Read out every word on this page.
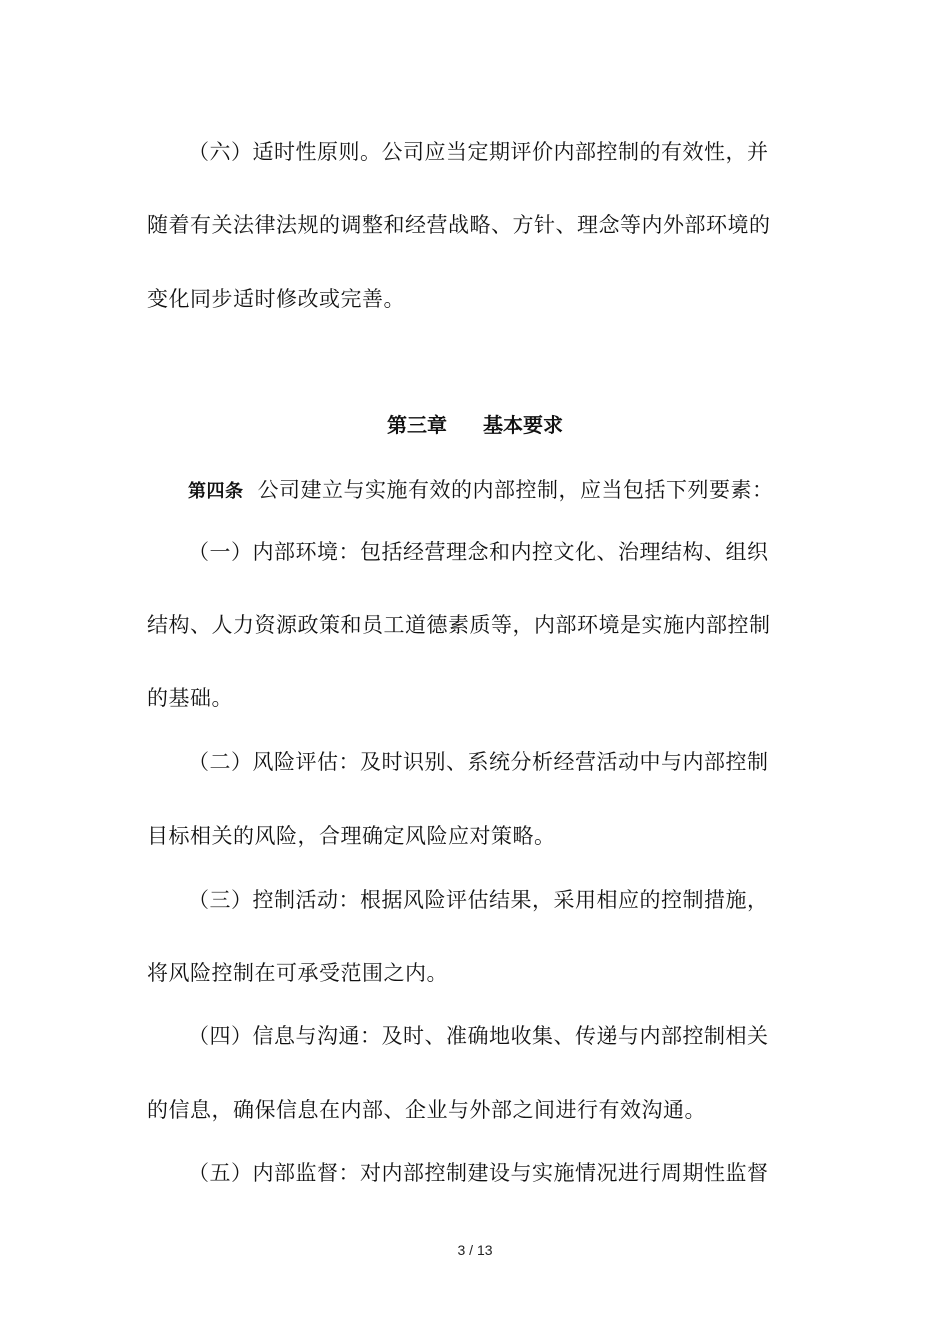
（六）适时性原则。公司应当定期评价内部控制的有效性，并
随着有关法律法规的调整和经营战略、方针、理念等内外部环境的
变化同步适时修改或完善。
第三章 基本要求
第四条 公司建立与实施有效的内部控制，应当包括下列要素：
（一）内部环境：包括经营理念和内控文化、治理结构、组织
结构、人力资源政策和员工道德素质等，内部环境是实施内部控制
的基础。
（二）风险评估：及时识别、系统分析经营活动中与内部控制
目标相关的风险，合理确定风险应对策略。
（三）控制活动：根据风险评估结果，采用相应的控制措施，
将风险控制在可承受范围之内。
（四）信息与沟通：及时、准确地收集、传递与内部控制相关
的信息，确保信息在内部、企业与外部之间进行有效沟通。
（五）内部监督：对内部控制建设与实施情况进行周期性监督
3 / 13
